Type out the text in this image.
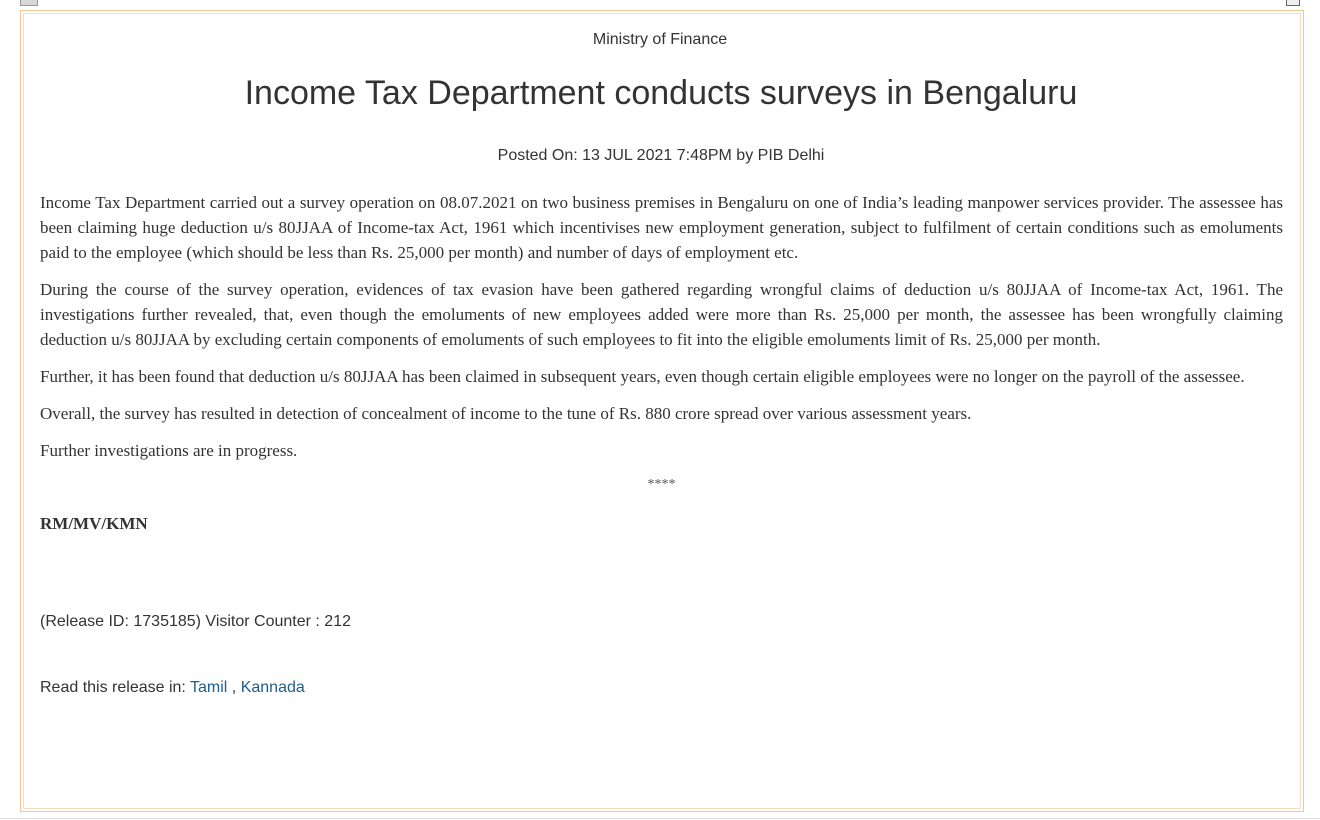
Ministry of Finance
Income Tax Department conducts surveys in Bengaluru
Posted On: 13 JUL 2021 7:48PM by PIB Delhi

Income Tax Department carried out a survey operation on 08.07.2021 on two business premises in Bengaluru on one of India’s leading manpower services provider. The assessee has been claiming huge deduction u/s 80JJAA of Income-tax Act, 1961 which incentivises new employment generation, subject to fulfilment of certain conditions such as emoluments paid to the employee (which should be less than Rs. 25,000 per month) and number of days of employment etc.

During the course of the survey operation, evidences of tax evasion have been gathered regarding wrongful claims of deduction u/s 80JJAA of Income-tax Act, 1961. The investigations further revealed, that, even though the emoluments of new employees added were more than Rs. 25,000 per month, the assessee has been wrongfully claiming deduction u/s 80JJAA by excluding certain components of emoluments of such employees to fit into the eligible emoluments limit of Rs. 25,000 per month.

Further, it has been found that deduction u/s 80JJAA has been claimed in subsequent years, even though certain eligible employees were no longer on the payroll of the assessee.

Overall, the survey has resulted in detection of concealment of income to the tune of Rs. 880 crore spread over various assessment years.

Further investigations are in progress.

****

RM/MV/KMN

(Release ID: 1735185) Visitor Counter : 212
Read this release in: Tamil , Kannada
